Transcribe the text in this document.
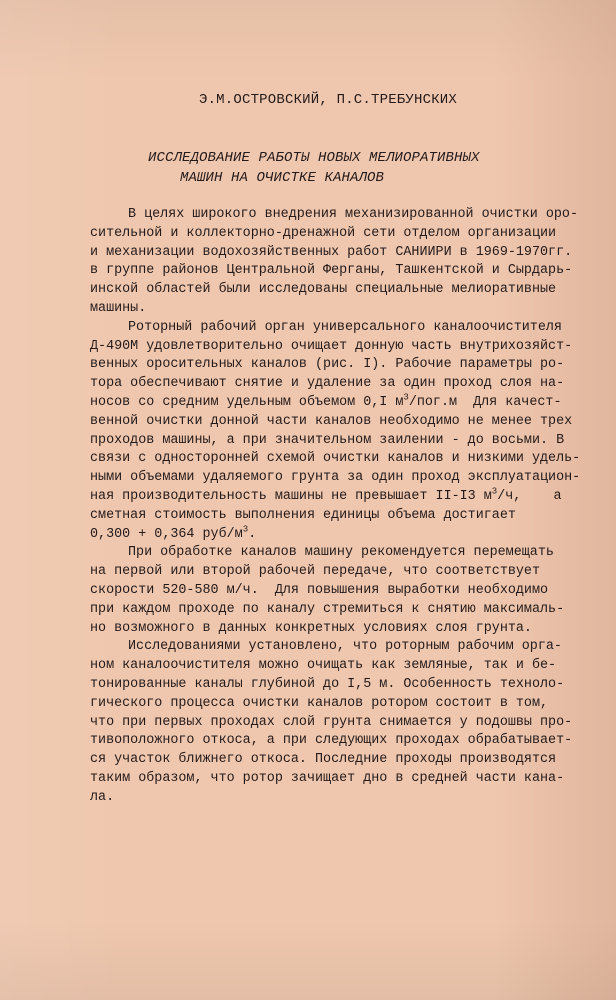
Э.М.ОСТРОВСКИЙ, П.С.ТРЕБУНСКИХ
ИССЛЕДОВАНИЕ РАБОТЫ НОВЫХ МЕЛИОРАТИВНЫХ
МАШИН НА ОЧИСТКЕ КАНАЛОВ
В целях широкого внедрения механизированной очистки оро-
сительной и коллекторно-дренажной сети отделом организации
и механизации водохозяйственных работ САНИИРИ в 1969-1970гг.
в группе районов Центральной Ферганы, Ташкентской и Сырдарь-
инской областей были исследованы специальные мелиоративные
машины.
Роторный рабочий орган универсального каналоочистителя
Д-490М удовлетворительно очищает донную часть внутрихозяйст-
венных оросительных каналов (рис. I). Рабочие параметры ро-
тора обеспечивают снятие и удаление за один проход слоя на-
носов со средним удельным объемом 0,I $м^3/пог.м$  Для качест-
венной очистки донной части каналов необходимо не менее трех
проходов машины, а при значительном заилении - до восьми. В
связи с односторонней схемой очистки каналов и низкими удель-
ными объемами удаляемого грунта за один проход эксплуатацион-
ная производительность машины не превышает II-I3 $м^3/ч$,    а
сметная стоимость выполнения единицы объема достигает
0,300 + 0,364 руб/$м^3$.
При обработке каналов машину рекомендуется перемещать
на первой или второй рабочей передаче, что соответствует
скорости 520-580 м/ч.  Для повышения выработки необходимо
при каждом проходе по каналу стремиться к снятию максималь-
но возможного в данных конкретных условиях слоя грунта.
Исследованиями установлено, что роторным рабочим орга-
ном каналоочистителя можно очищать как земляные, так и бе-
тонированные каналы глубиной до I,5 м. Особенность техноло-
гического процесса очистки каналов ротором состоит в том,
что при первых проходах слой грунта снимается у подошвы про-
тивоположного откоса, а при следующих проходах обрабатывает-
ся участок ближнего откоса. Последние проходы производятся
таким образом, что ротор зачищает дно в средней части кана-
ла.
